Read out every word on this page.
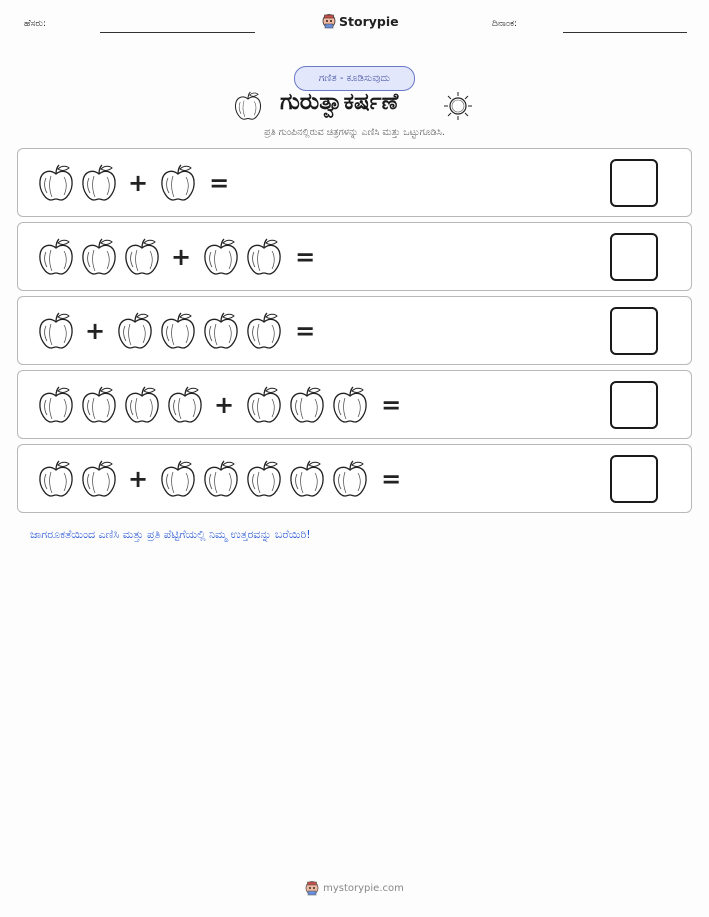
ಹೆಸರು:	Storypie	ದಿನಾಂಕ:
ಗಣಿತ - ಕೂಡಿಸುವುದು
ಗುರುತ್ವಾಕರ್ಷಣೆ
ಪ್ರತಿ ಗುಂಪಿನಲ್ಲಿರುವ ಚಿತ್ರಗಳನ್ನು ಎಣಿಸಿ ಮತ್ತು ಒಟ್ಟುಗೂಡಿಸಿ.
+	=
+	=
+	=
+	=
+	=
ಜಾಗರೂಕತೆಯಿಂದ ಎಣಿಸಿ ಮತ್ತು ಪ್ರತಿ ಪೆಟ್ಟಿಗೆಯಲ್ಲಿ ನಿಮ್ಮ ಉತ್ತರವನ್ನು ಬರೆಯಿರಿ!
mystorypie.com
